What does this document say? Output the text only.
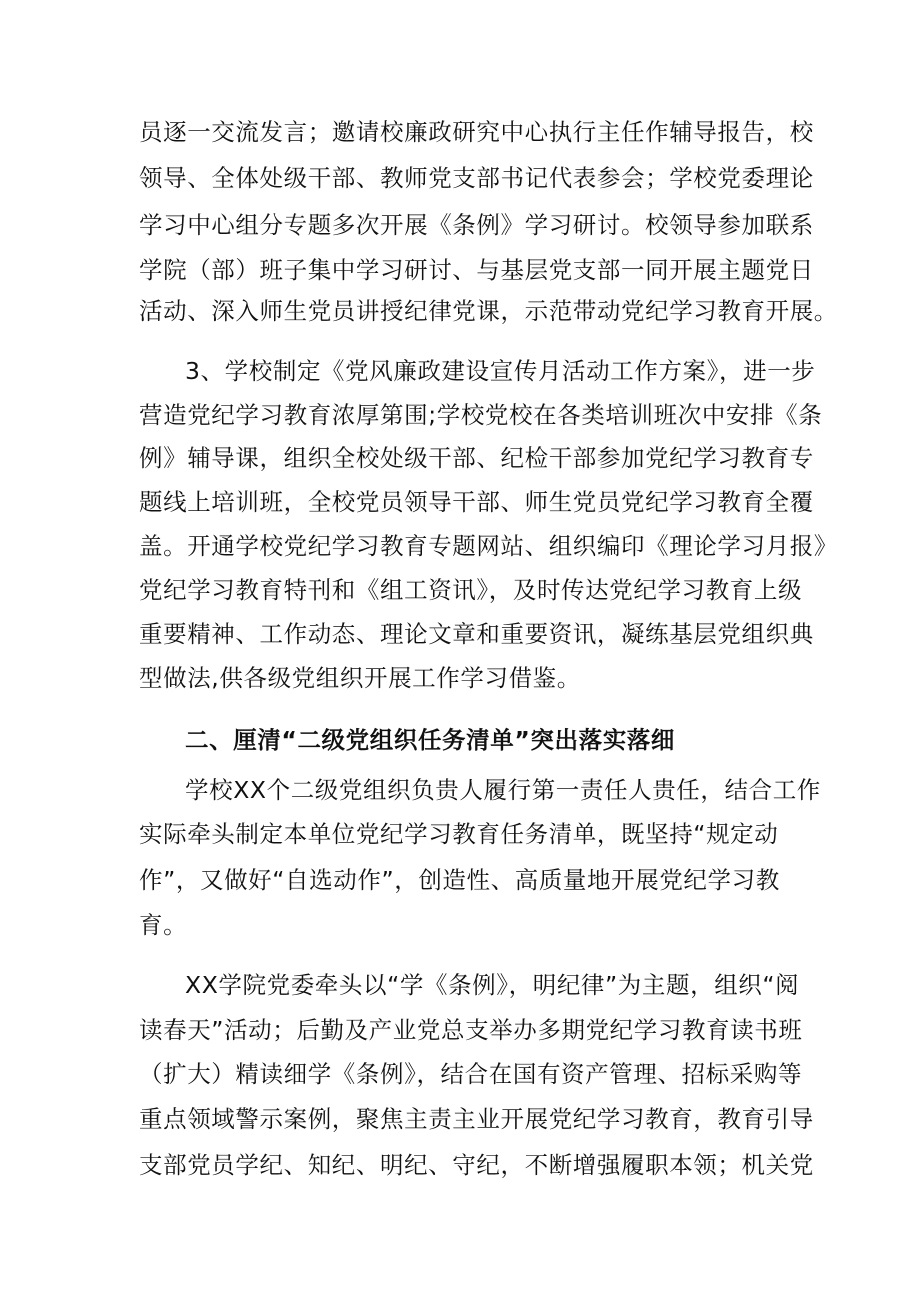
员逐一交流发言；邀请校廉政研究中心执行主任作辅导报告，校
领导、全体处级干部、教师党支部书记代表参会；学校党委理论
学习中心组分专题多次开展《条例》学习研讨。校领导参加联系
学院（部）班子集中学习研讨、与基层党支部一同开展主题党日
活动、深入师生党员讲授纪律党课，示范带动党纪学习教育开展。
3、学校制定《党风廉政建设宣传月活动工作方案》，进一步
营造党纪学习教育浓厚第围;学校党校在各类培训班次中安排《条
例》辅导课，组织全校处级干部、纪检干部参加党纪学习教育专
题线上培训班，全校党员领导干部、师生党员党纪学习教育全覆
盖。开通学校党纪学习教育专题网站、组织编印《理论学习月报》
党纪学习教育特刊和《组工资讯》，及时传达党纪学习教育上级
重要精神、工作动态、理论文章和重要资讯，凝练基层党组织典
型做法,供各级党组织开展工作学习借鉴。
二、厘清“二级党组织任务清单”突出落实落细
学校XX个二级党组织负贵人履行第一责任人贵任，结合工作
实际牵头制定本单位党纪学习教育任务清单，既坚持“规定动
作”，又做好“自选动作”，创造性、高质量地开展党纪学习教
育。
XX学院党委牵头以“学《条例》，明纪律”为主题，组织“阅
读春天”活动；后勤及产业党总支举办多期党纪学习教育读书班
（扩大）精读细学《条例》，结合在国有资产管理、招标采购等
重点领域警示案例，聚焦主责主业开展党纪学习教育，教育引导
支部党员学纪、知纪、明纪、守纪，不断增强履职本领；机关党
